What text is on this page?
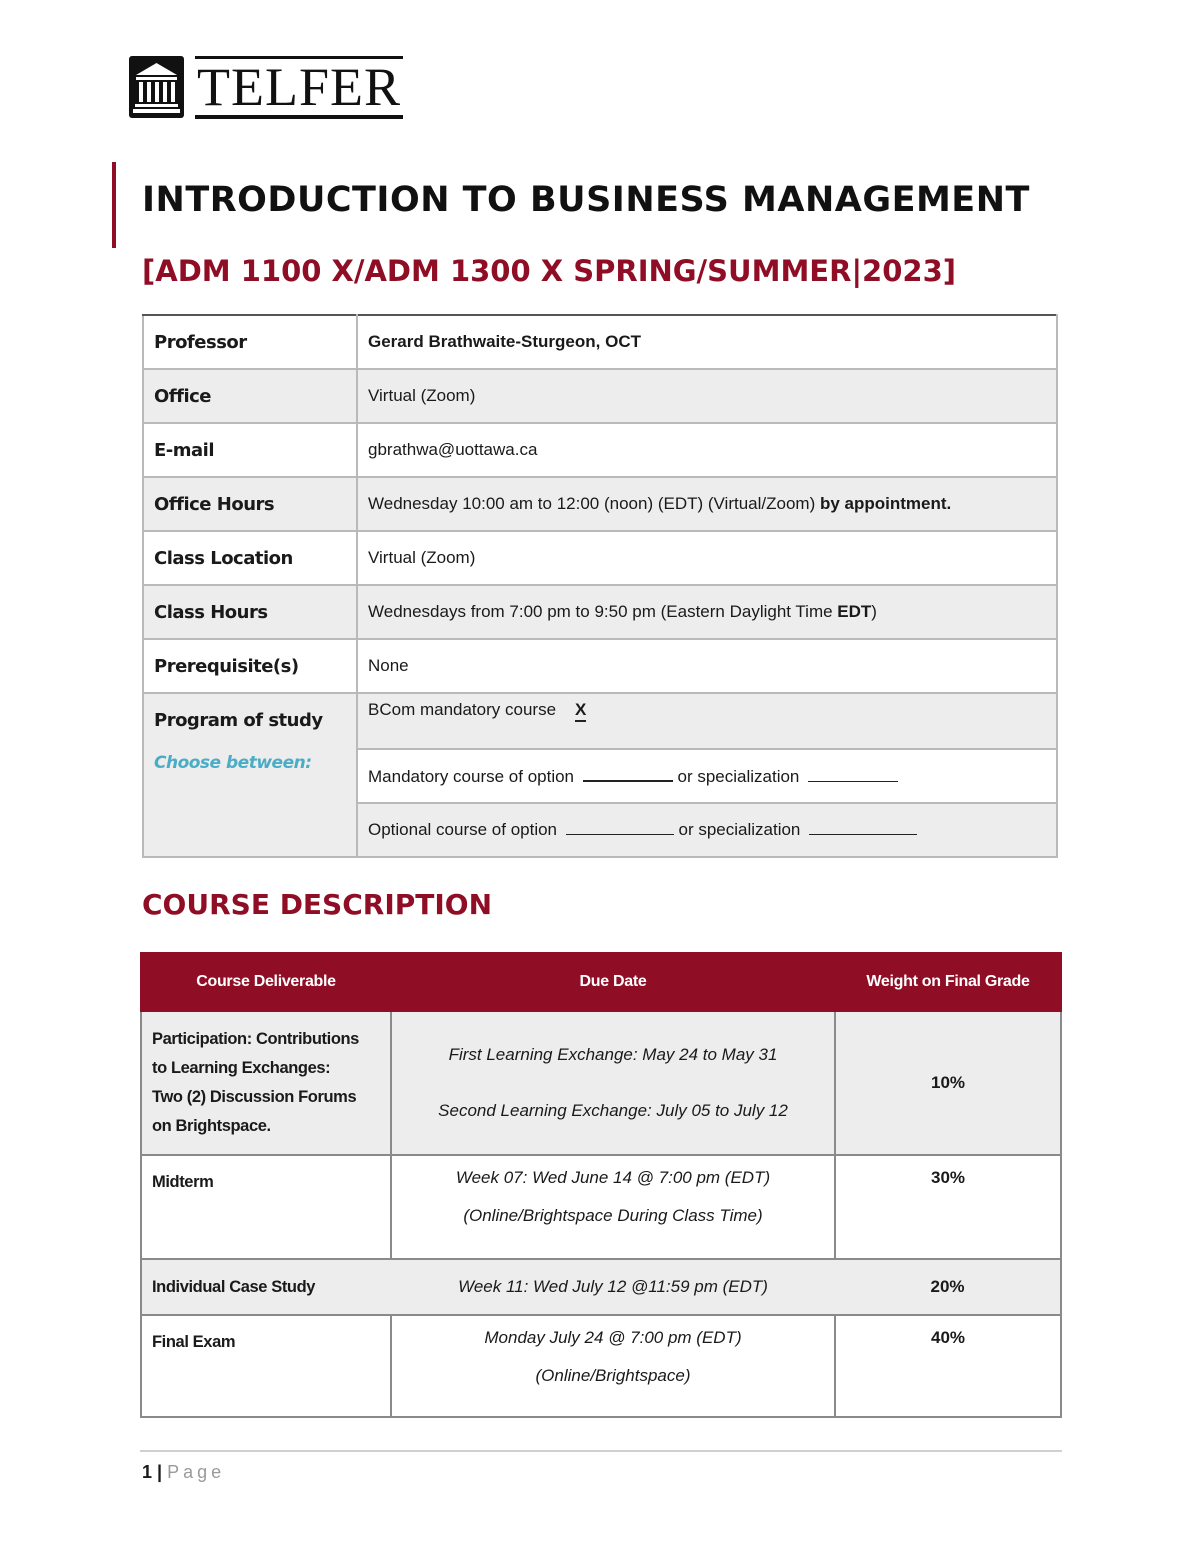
TELFER
INTRODUCTION TO BUSINESS MANAGEMENT
[ADM 1100 X/ADM 1300 X SPRING/SUMMER|2023]
Professor	Gerard Brathwaite-Sturgeon, OCT
Office	Virtual (Zoom)
E-mail	gbrathwa@uottawa.ca
Office Hours	Wednesday 10:00 am to 12:00 (noon) (EDT) (Virtual/Zoom) by appointment.
Class Location	Virtual (Zoom)
Class Hours	Wednesdays from 7:00 pm to 9:50 pm (Eastern Daylight Time EDT)
Prerequisite(s)	None
Program of study
Choose between:	BCom mandatory course X
	Mandatory course of option or specialization
	Optional course of option or specialization
COURSE DESCRIPTION
Course Deliverable	Due Date	Weight on Final Grade

Participation: Contributions
to Learning Exchanges:
Two (2) Discussion Forums
on Brightspace.	First Learning Exchange: May 24 to May 31
Second Learning Exchange: July 05 to July 12	10%
Midterm	Week 07: Wed June 14 @ 7:00 pm (EDT)
(Online/Brightspace During Class Time)	30%
Individual Case Study	Week 11: Wed July 12 @11:59 pm (EDT)	20%
Final Exam	Monday July 24 @ 7:00 pm (EDT)
(Online/Brightspace)	40%
1 | Page
